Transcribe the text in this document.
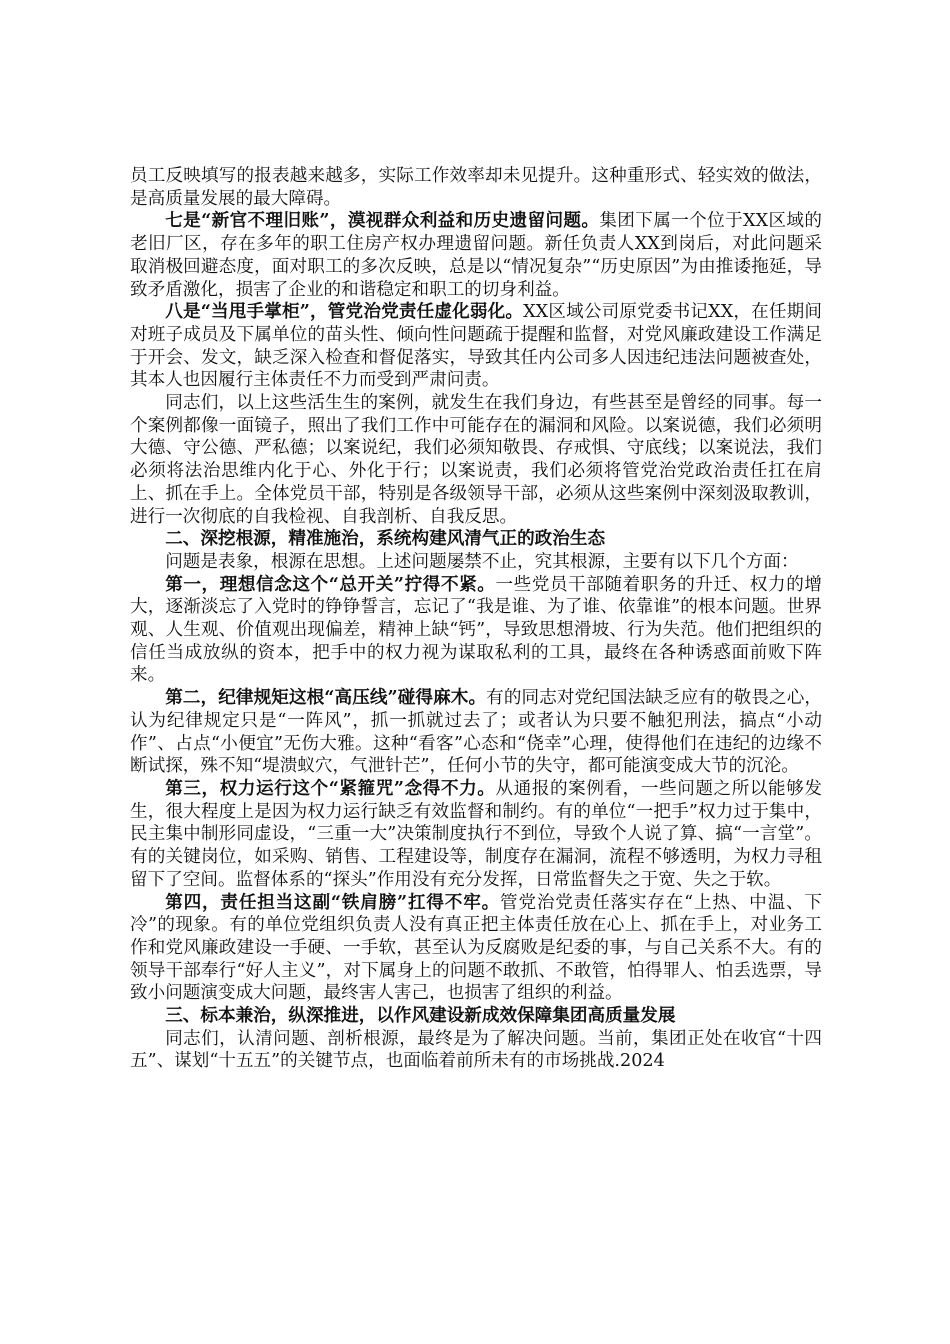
员工反映填写的报表越来越多，实际工作效率却未见提升。这种重形式、轻实效的做法，是高质量发展的最大障碍。

七是“新官不理旧账”，漠视群众利益和历史遗留问题。集团下属一个位于XX区域的老旧厂区，存在多年的职工住房产权办理遗留问题。新任负责人XX到岗后，对此问题采取消极回避态度，面对职工的多次反映，总是以“情况复杂”“历史原因”为由推诿拖延，导致矛盾激化，损害了企业的和谐稳定和职工的切身利益。

八是“当甩手掌柜”，管党治党责任虚化弱化。XX区域公司原党委书记XX，在任期间对班子成员及下属单位的苗头性、倾向性问题疏于提醒和监督，对党风廉政建设工作满足于开会、发文，缺乏深入检查和督促落实，导致其任内公司多人因违纪违法问题被查处，其本人也因履行主体责任不力而受到严肃问责。

同志们，以上这些活生生的案例，就发生在我们身边，有些甚至是曾经的同事。每一个案例都像一面镜子，照出了我们工作中可能存在的漏洞和风险。以案说德，我们必须明大德、守公德、严私德；以案说纪，我们必须知敬畏、存戒惧、守底线；以案说法，我们必须将法治思维内化于心、外化于行；以案说责，我们必须将管党治党政治责任扛在肩上、抓在手上。全体党员干部，特别是各级领导干部，必须从这些案例中深刻汲取教训，进行一次彻底的自我检视、自我剖析、自我反思。

二、深挖根源，精准施治，系统构建风清气正的政治生态

问题是表象，根源在思想。上述问题屡禁不止，究其根源，主要有以下几个方面：

第一，理想信念这个“总开关”拧得不紧。一些党员干部随着职务的升迁、权力的增大，逐渐淡忘了入党时的铮铮誓言，忘记了“我是谁、为了谁、依靠谁”的根本问题。世界观、人生观、价值观出现偏差，精神上缺“钙”，导致思想滑坡、行为失范。他们把组织的信任当成放纵的资本，把手中的权力视为谋取私利的工具，最终在各种诱惑面前败下阵来。

第二，纪律规矩这根“高压线”碰得麻木。有的同志对党纪国法缺乏应有的敬畏之心，认为纪律规定只是“一阵风”，抓一抓就过去了；或者认为只要不触犯刑法，搞点“小动作”、占点“小便宜”无伤大雅。这种“看客”心态和“侥幸”心理，使得他们在违纪的边缘不断试探，殊不知“堤溃蚁穴，气泄针芒”，任何小节的失守，都可能演变成大节的沉沦。

第三，权力运行这个“紧箍咒”念得不力。从通报的案例看，一些问题之所以能够发生，很大程度上是因为权力运行缺乏有效监督和制约。有的单位“一把手”权力过于集中，民主集中制形同虚设，“三重一大”决策制度执行不到位，导致个人说了算、搞“一言堂”。有的关键岗位，如采购、销售、工程建设等，制度存在漏洞，流程不够透明，为权力寻租留下了空间。监督体系的“探头”作用没有充分发挥，日常监督失之于宽、失之于软。

第四，责任担当这副“铁肩膀”扛得不牢。管党治党责任落实存在“上热、中温、下冷”的现象。有的单位党组织负责人没有真正把主体责任放在心上、抓在手上，对业务工作和党风廉政建设一手硬、一手软，甚至认为反腐败是纪委的事，与自己关系不大。有的领导干部奉行“好人主义”，对下属身上的问题不敢抓、不敢管，怕得罪人、怕丢选票，导致小问题演变成大问题，最终害人害己，也损害了组织的利益。

三、标本兼治，纵深推进，以作风建设新成效保障集团高质量发展

同志们，认清问题、剖析根源，最终是为了解决问题。当前，集团正处在收官“十四五”、谋划“十五五”的关键节点，也面临着前所未有的市场挑战.2024
